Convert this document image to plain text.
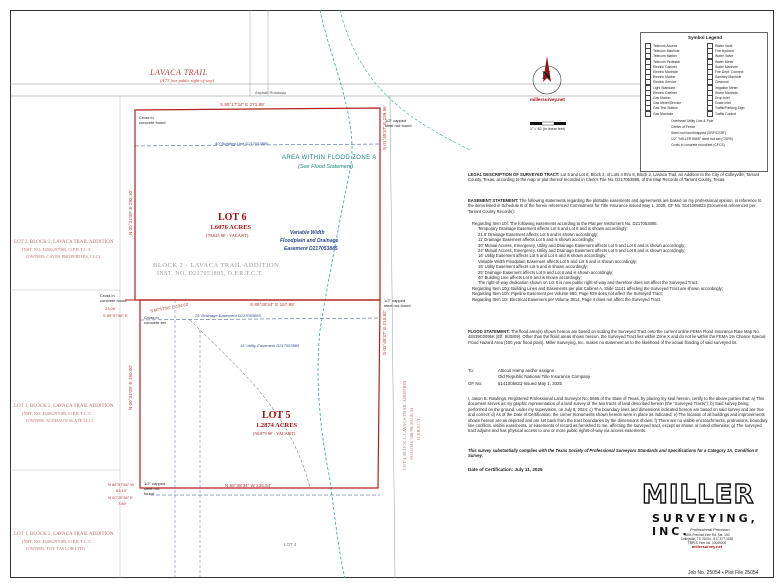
LAVACA TRAIL
(A 75 foot public right-of-way)
Asphalt Roadway
S 89°17'34" E 271.89'
S 01°45'37" E 239.56'
S 01°45'37" E 210.82'
N 00°31'09" E 292.10'
N 00°31'09" E 150.00'
S 89°38'34" E 167.89'
S 89°57'56" E
23.06'	S 80°57'56" E 104.63'
N 89°38'34" W 226.54'
N 88°57'56" W
63.14'
N 00°25'36" E
7.89'
LOT 6
1.6076 ACRES
(70,025 SF - VACANT)
LOT 5
1.2874 ACRES
(56,079 SF - VACANT)
AREA WITHIN FLOOD ZONE A
(See Flood Statement)
Variable Width
Floodplain and Drainage
Easement D217053885
BLOCK 2 - LAVACA TRAIL ADDITION
INST. NO. D217053885, O.P.R.T.C.T.
40' Building Line D217053885
25' Drainage Easement D217053885
15' Utility Easement D217053885
LOT 2, BLOCK 2, LAVACA TRAIL ADDITION
INST. NO. D206297085, O.P.R.T.C.T.
(OWNER: CAVES PROPERTIES, LLC)
LOT 3, BLOCK 2, LAVACA TRAIL ADDITION
INST. NO. D206297085, O.P.R.T.C.T.
(OWNER: SCEHAUN SLATE LLC)
LOT 1, BLOCK 2, LAVACA TRAIL ADDITION
INST. NO. D206297085, O.P.R.T.C.T.
(OWNER: TOY TAYLOR LTD)
LOT 4, BLOCK 1, LAVACA TRAIL ADDITION VOLUME 388-90, PAGE 34 O.P.R.T.C.T.
LOT 4
1/2" capped steel rod found
Cross in concrete found
1/2" capped steel rod found
Cross in concrete found
Cross in concrete set
1/2" capped steel rod found
N
millersurvey.net
1" = 40' (in linear feet)
Symbol Legend
Telecom Access
Telecom Manhole
Telecom Marker
Telecom Pedestal
Electric Cabinet
Electric Manhole
Electric Marker
Electric Service
Light Standard
Electric Cabinet
Gas Marker
Gas Meter/Service
Gas Test Station
Gas Manhole
Water Vault
Fire Hydrant
Water Valve
Water Meter
Water Manhole
Fire Dept. Connect
Sanitary Manhole
Cleanout
Irrigation Meter
Storm Manhole
Drop Inlet
Grate Inlet
Traffic/Parking Sign
Traffic Control
Overhead Utility Line & Pole
Center of Fence
Steel rod found/capped (SRF/CSRF)
1/2" "MILLER 5665" steel rod set (CSRS)
Cross in concrete found/set (CFCS)
LEGAL DESCRIPTION OF SURVEYED TRACT: Lot 5 and Lot 6, Block 2, of Lots 4 thru 6, Block 2, LaVaca Trail, an Addition to the City of Colleyville, Tarrant County, Texas, according to the map or plat thereof recorded in Clerk's File No. D217053885, of the Map Records of Tarrant County, Texas.
EASEMENT STATEMENT: The following statements regarding the plottable easements and agreements are based on my professional opinion, in reference to the items listed in Schedule B of the herein referenced Commitment for Title Insurance issued May 1, 2025, GF No. 5141005823 (Document references per Tarrant County Records):
Regarding Item 10f: The following easements according to the Plat per Instrument No. D217053885:
Temporary Drainage Easement affects Lot 5 and Lot 6 and is shown accordingly;
21.5' Drainage Easement affects Lot 5 and is shown accordingly;
11' Drainage Easement affects Lot 5 and is shown accordingly;
30' Mutual Access, Emergency, Utility and Drainage Easement affects Lot 5 and Lot 6 and is shown accordingly;
24' Mutual Access, Emergency, Utility and Drainage Easement affects Lot 5 and Lot 6 and is shown accordingly;
16' Utility Easement affects Lot 5 and Lot 6 and is shown accordingly;
Variable Width Floodplain Easement affects Lot 5 and Lot 6 and is shown accordingly;
15' Utility Easement affects Lot 5 and is shown accordingly;
25' Drainage Easement affects Lot 5 and Lot 6 and is shown accordingly;
40' Building Line affects Lot 6 and is shown accordingly;
The right-of-way dedication shown on Lot 6 is now public right-of-way and therefore does not affect the Surveyed Tract.
Regarding Item 10g: Building Lines and Easements per plat Cabinet A, Slide 11141 affecting the Surveyed Tract are shown accordingly;
Regarding Item 10h: Pipeline Easement per Volume 950, Page 529 does not affect the Surveyed Tract;
Regarding Item 10i: Electrical Easement per Volume 3814, Page 4 does not affect the Surveyed Tract.
FLOOD STATEMENT: The flood area(s) shown hereon are based on scaling the Surveyed Tract onto the current online FEMA Flood Insurance Rate Map No. 48439C0095K (Eff. 9/25/09). Other than the flood areas shown hereon, the Surveyed Tract lies within Zone X and do not lie within the FEMA 1% Chance Special Flood Hazard Area (100 year flood plain). Miller Surveying, Inc. makes no statement as to the likelihood of the actual flooding of said surveyed lot.
To:	Atticus Hamp and/or assigns
Old Republic National Title Insurance Company
GF No:	5141005823 Issued May 1, 2025
I, Jason B. Rawlings, Registered Professional Land Surveyor No. 5665 of the State of Texas, by placing my seal hereon, certify to the above parties that: a) This document serves as my graphic representation of a land survey of the two tracts of land described hereon (the "Surveyed Tracts"); b) Said survey being performed on the ground, under my supervision, on July 8, 2024; c) The boundary lines and dimensions indicated hereon are based on said survey and are true and correct; d) As of the Date of Certification, the corner monuments shown hereon were in place as indicated; e) The location of all buildings and improvements shown hereon are as depicted and are set back from the tract boundaries by the dimensions shown; f) There are no visible encroachments, protrusions, boundary line conflicts, visible easements, or easements of record as furnished to me, affecting the surveyed tract, except as shown or noted otherwise; g) The surveyed tract adjoins and has physical access to one or more public rights-of-way via access easements.
This survey substantially complies with the Texas Society of Professional Surveyors Standards and Specifications for a Category 1A, Condition II Survey.
Date of Certification: July 11, 2025
MILLER
SURVEYING, INC. Professional Precision
8504 Precinct Line Rd. Ste. 150
Colleyville, TX 76034 - 817-577-1052
TBPLS Firm No. 10049000
millersurvey.net
Job No. 25054 • Plot File 25054
